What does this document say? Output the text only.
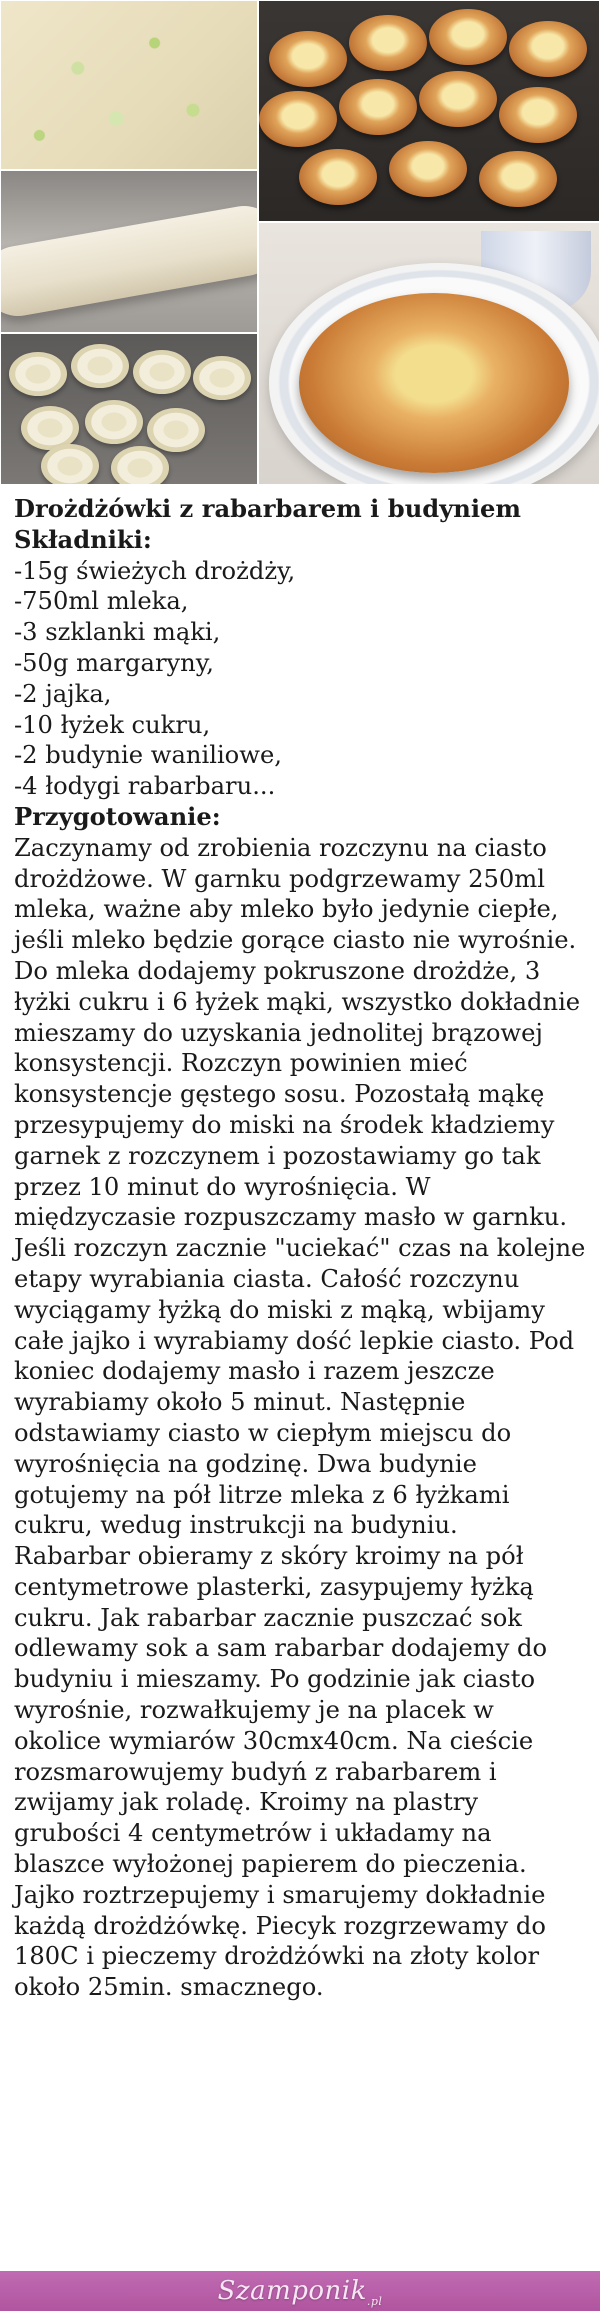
Drożdżówki z rabarbarem i budyniem

Składniki:

-15g świeżych drożdży,
-750ml mleka,
-3 szklanki mąki,
-50g margaryny,
-2 jajka,
-10 łyżek cukru,
-2 budynie waniliowe,
-4 łodygi rabarbaru...

Przygotowanie:

Zaczynamy od zrobienia rozczynu na ciasto drożdżowe. W garnku podgrzewamy 250ml mleka, ważne aby mleko było jedynie ciepłe, jeśli mleko będzie gorące ciasto nie wyrośnie. Do mleka dodajemy pokruszone drożdże, 3 łyżki cukru i 6 łyżek mąki, wszystko dokładnie mieszamy do uzyskania jednolitej brązowej konsystencji. Rozczyn powinien mieć konsystencje gęstego sosu. Pozostałą mąkę przesypujemy do miski na środek kładziemy garnek z rozczynem i pozostawiamy go tak przez 10 minut do wyrośnięcia. W międzyczasie rozpuszczamy masło w garnku.

Jeśli rozczyn zacznie "uciekać" czas na kolejne etapy wyrabiania ciasta. Całość rozczynu wyciągamy łyżką do miski z mąką, wbijamy całe jajko i wyrabiamy dość lepkie ciasto. Pod koniec dodajemy masło i razem jeszcze wyrabiamy około 5 minut. Następnie odstawiamy ciasto w ciepłym miejscu do wyrośnięcia na godzinę. Dwa budynie gotujemy na pół litrze mleka z 6 łyżkami cukru, wedug instrukcji na budyniu.

Rabarbar obieramy z skóry kroimy na pół centymetrowe plasterki, zasypujemy łyżką cukru. Jak rabarbar zacznie puszczać sok odlewamy sok a sam rabarbar dodajemy do budyniu i mieszamy. Po godzinie jak ciasto wyrośnie, rozwałkujemy je na placek w okolice wymiarów 30cmx40cm. Na cieście rozsmarowujemy budyń z rabarbarem i zwijamy jak roladę. Kroimy na plastry grubości 4 centymetrów i układamy na blaszce wyłożonej papierem do pieczenia. Jajko roztrzepujemy i smarujemy dokładnie każdą drożdżówkę. Piecyk rozgrzewamy do 180C i pieczemy drożdżówki na złoty kolor około 25min. smacznego.

Szamponik$_{.pl}$
